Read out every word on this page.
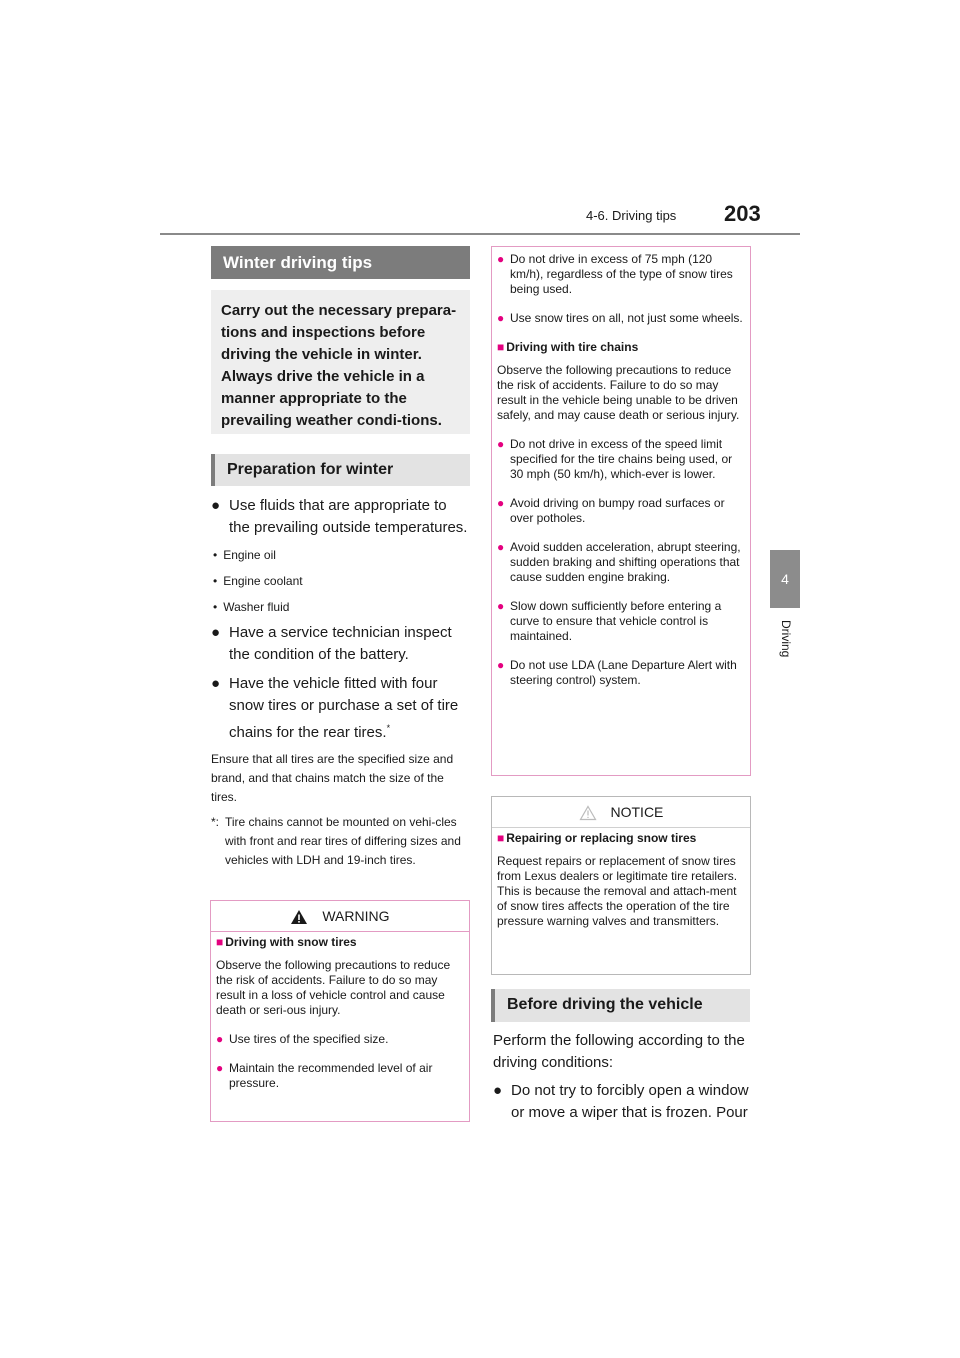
4-6. Driving tips 203
4
Driving
Winter driving tips
Carry out the necessary prepara-tions and inspections before driving the vehicle in winter. Always drive the vehicle in a manner appropriate to the prevailing weather condi-tions.
Preparation for winter
● Use fluids that are appropriate to the prevailing outside temperatures.
• Engine oil
• Engine coolant
• Washer fluid
● Have a service technician inspect the condition of the battery.
● Have the vehicle fitted with four snow tires or purchase a set of tire chains for the rear tires.*
Ensure that all tires are the specified size and brand, and that chains match the size of the tires.
*: Tire chains cannot be mounted on vehi-cles with front and rear tires of differing sizes and vehicles with LDH and 19-inch tires.
WARNING
■ Driving with snow tires
Observe the following precautions to reduce the risk of accidents. Failure to do so may result in a loss of vehicle control and cause death or seri-ous injury.
● Use tires of the specified size.
● Maintain the recommended level of air pressure.
● Do not drive in excess of 75 mph (120 km/h), regardless of the type of snow tires being used.
● Use snow tires on all, not just some wheels.
■ Driving with tire chains
Observe the following precautions to reduce the risk of accidents. Failure to do so may result in the vehicle being unable to be driven safely, and may cause death or serious injury.
● Do not drive in excess of the speed limit specified for the tire chains being used, or 30 mph (50 km/h), which-ever is lower.
● Avoid driving on bumpy road surfaces or over potholes.
● Avoid sudden acceleration, abrupt steering, sudden braking and shifting operations that cause sudden engine braking.
● Slow down sufficiently before entering a curve to ensure that vehicle control is maintained.
● Do not use LDA (Lane Departure Alert with steering control) system.
NOTICE
■ Repairing or replacing snow tires
Request repairs or replacement of snow tires from Lexus dealers or legitimate tire retailers. This is because the removal and attach-ment of snow tires affects the operation of the tire pressure warning valves and transmitters.
Before driving the vehicle
Perform the following according to the driving conditions:
● Do not try to forcibly open a window or move a wiper that is frozen. Pour
